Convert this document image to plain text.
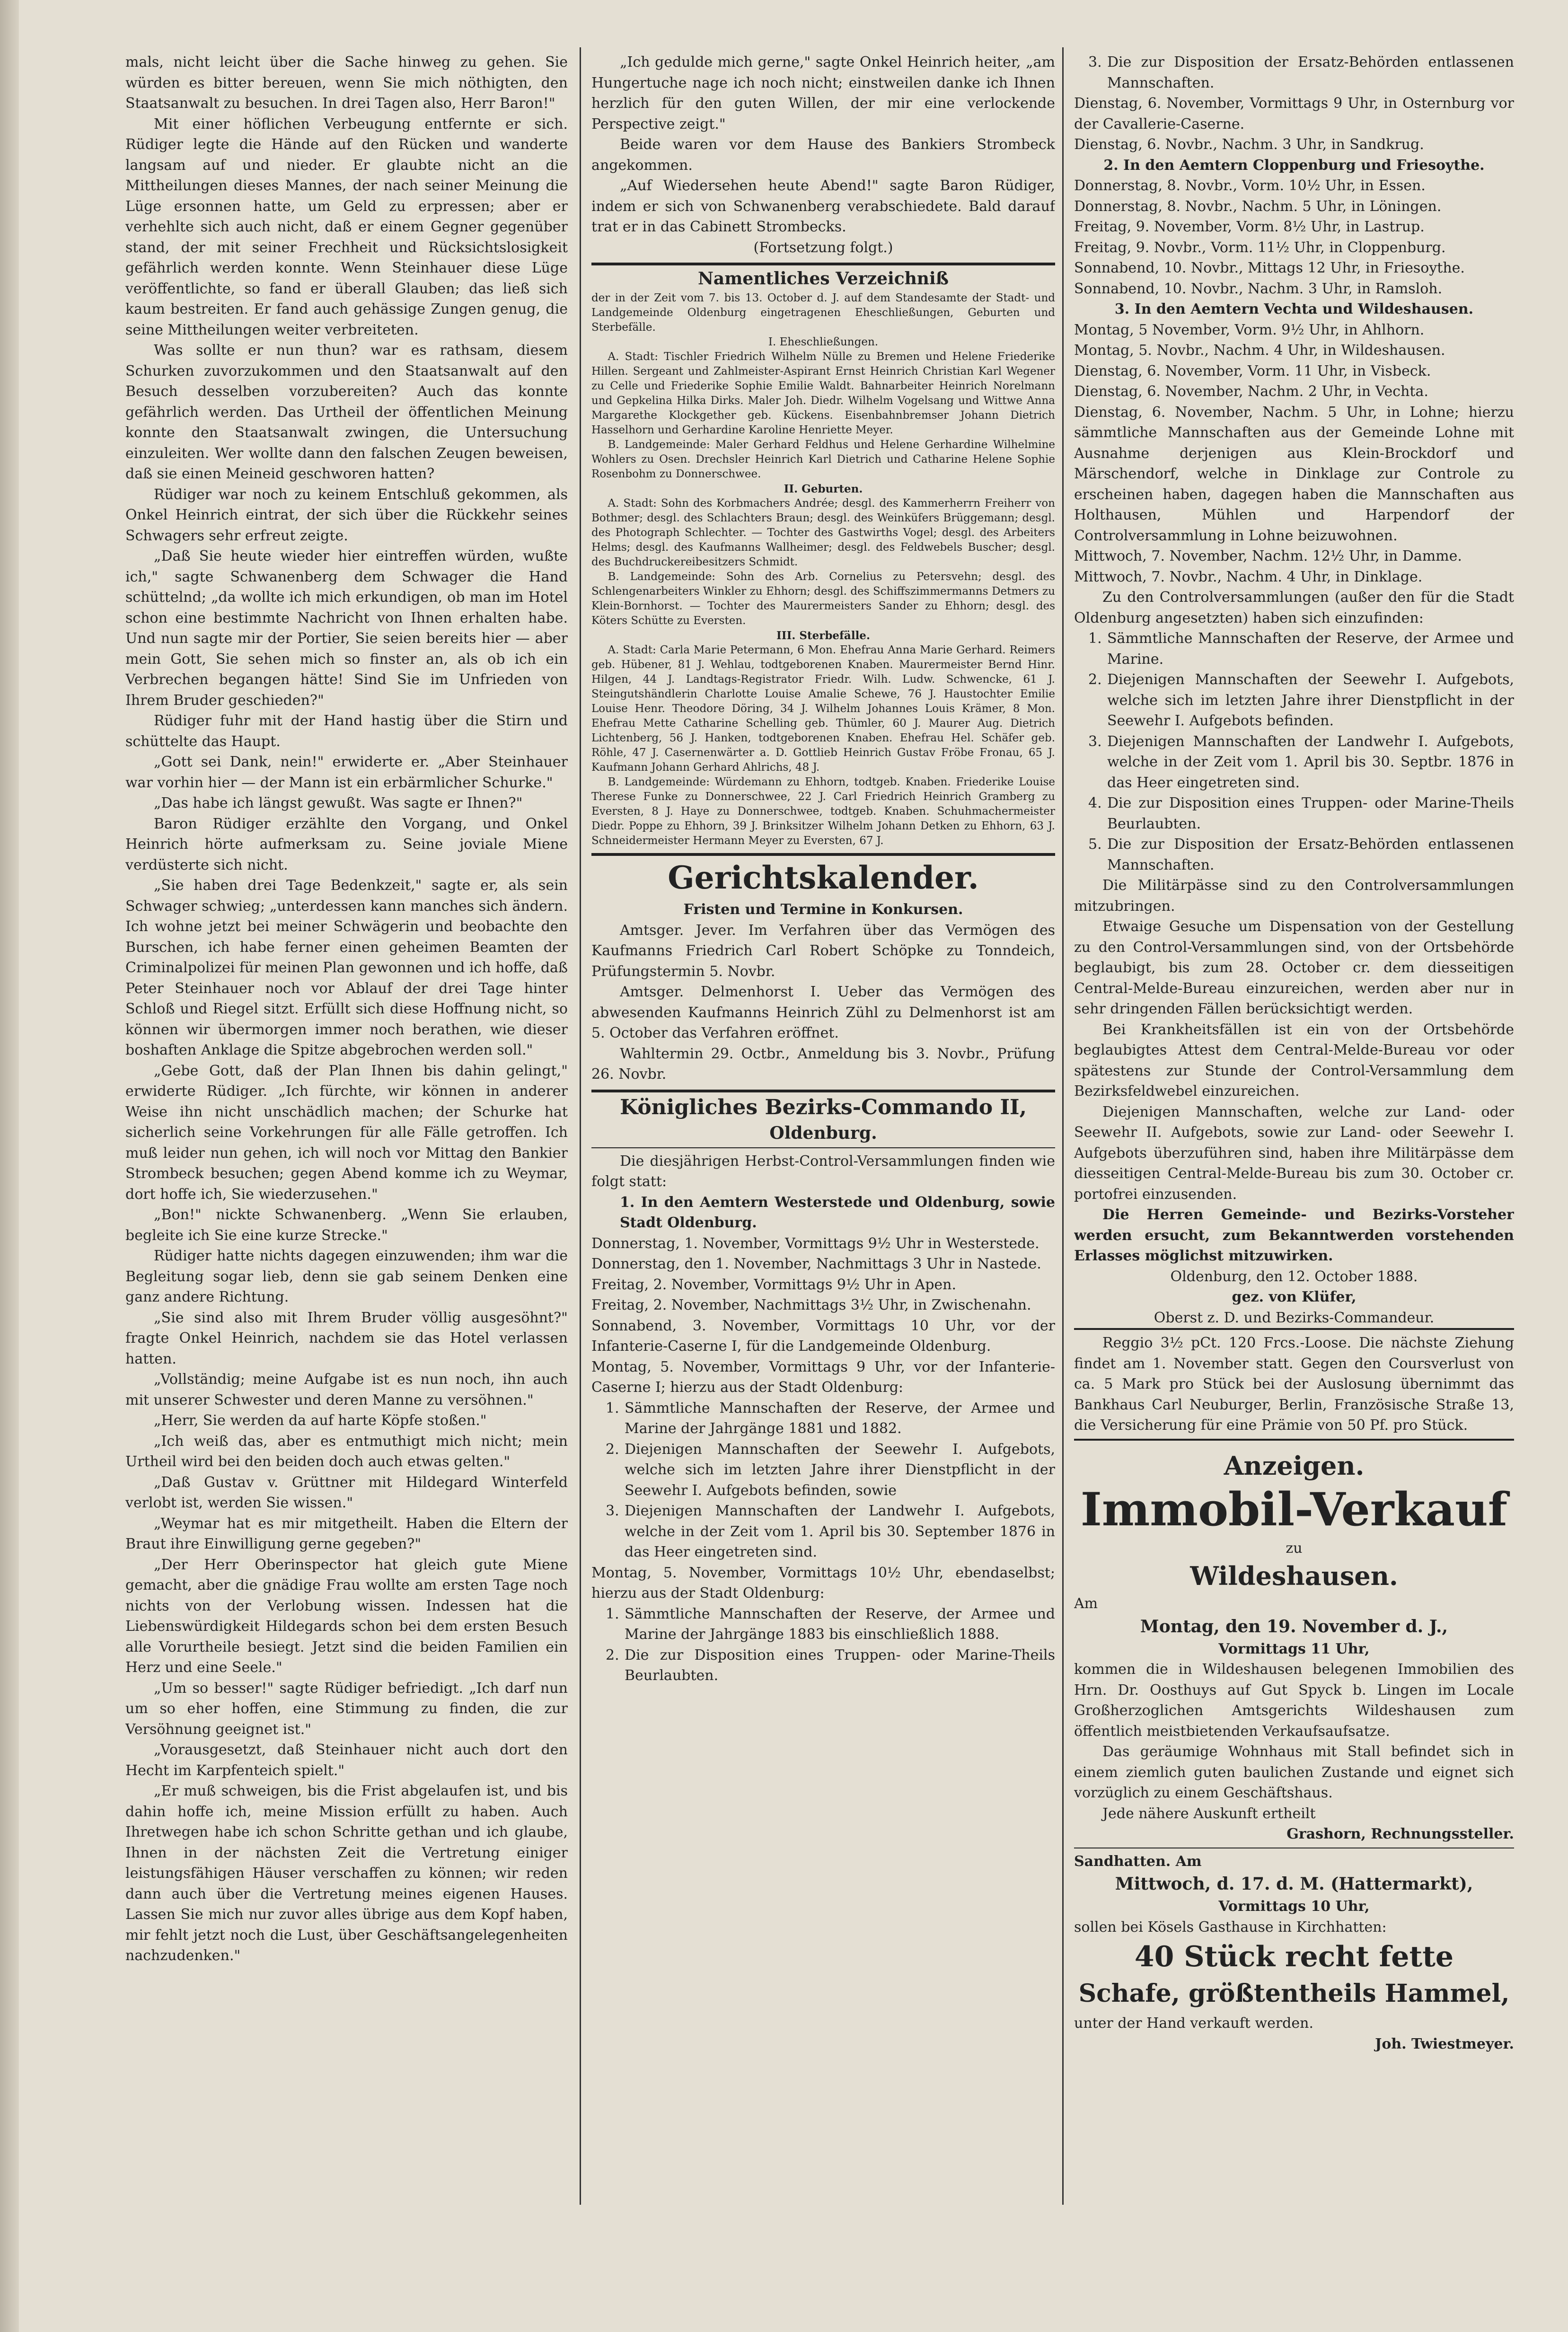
mals, nicht leicht über die Sache hinweg zu gehen. Sie würden es bitter bereuen, wenn Sie mich nöthigten, den Staatsanwalt zu besuchen. In drei Tagen also, Herr Baron!"

Mit einer höflichen Verbeugung entfernte er sich. Rüdiger legte die Hände auf den Rücken und wanderte langsam auf und nieder. Er glaubte nicht an die Mittheilungen dieses Mannes, der nach seiner Meinung die Lüge ersonnen hatte, um Geld zu erpressen; aber er verhehlte sich auch nicht, daß er einem Gegner gegenüber stand, der mit seiner Frechheit und Rücksichtslosigkeit gefährlich werden konnte. Wenn Steinhauer diese Lüge veröffentlichte, so fand er überall Glauben; das ließ sich kaum bestreiten. Er fand auch gehässige Zungen genug, die seine Mittheilungen weiter verbreiteten.

Was sollte er nun thun? war es rathsam, diesem Schurken zuvorzukommen und den Staatsanwalt auf den Besuch desselben vorzubereiten? Auch das konnte gefährlich werden. Das Urtheil der öffentlichen Meinung konnte den Staatsanwalt zwingen, die Untersuchung einzuleiten. Wer wollte dann den falschen Zeugen beweisen, daß sie einen Meineid geschworen hatten?

Rüdiger war noch zu keinem Entschluß gekommen, als Onkel Heinrich eintrat, der sich über die Rückkehr seines Schwagers sehr erfreut zeigte.

„Daß Sie heute wieder hier eintreffen würden, wußte ich," sagte Schwanenberg dem Schwager die Hand schüttelnd; „da wollte ich mich erkundigen, ob man im Hotel schon eine bestimmte Nachricht von Ihnen erhalten habe. Und nun sagte mir der Portier, Sie seien bereits hier — aber mein Gott, Sie sehen mich so finster an, als ob ich ein Verbrechen begangen hätte! Sind Sie im Unfrieden von Ihrem Bruder geschieden?"

Rüdiger fuhr mit der Hand hastig über die Stirn und schüttelte das Haupt.

„Gott sei Dank, nein!" erwiderte er. „Aber Steinhauer war vorhin hier — der Mann ist ein erbärmlicher Schurke."

„Das habe ich längst gewußt. Was sagte er Ihnen?"

Baron Rüdiger erzählte den Vorgang, und Onkel Heinrich hörte aufmerksam zu. Seine joviale Miene verdüsterte sich nicht.

„Sie haben drei Tage Bedenkzeit," sagte er, als sein Schwager schwieg; „unterdessen kann manches sich ändern. Ich wohne jetzt bei meiner Schwägerin und beobachte den Burschen, ich habe ferner einen geheimen Beamten der Criminalpolizei für meinen Plan gewonnen und ich hoffe, daß Peter Steinhauer noch vor Ablauf der drei Tage hinter Schloß und Riegel sitzt. Erfüllt sich diese Hoffnung nicht, so können wir übermorgen immer noch berathen, wie dieser boshaften Anklage die Spitze abgebrochen werden soll."

„Gebe Gott, daß der Plan Ihnen bis dahin gelingt," erwiderte Rüdiger. „Ich fürchte, wir können in anderer Weise ihn nicht unschädlich machen; der Schurke hat sicherlich seine Vorkehrungen für alle Fälle getroffen. Ich muß leider nun gehen, ich will noch vor Mittag den Bankier Strombeck besuchen; gegen Abend komme ich zu Weymar, dort hoffe ich, Sie wiederzusehen."

„Bon!" nickte Schwanenberg. „Wenn Sie erlauben, begleite ich Sie eine kurze Strecke."

Rüdiger hatte nichts dagegen einzuwenden; ihm war die Begleitung sogar lieb, denn sie gab seinem Denken eine ganz andere Richtung.

„Sie sind also mit Ihrem Bruder völlig ausgesöhnt?" fragte Onkel Heinrich, nachdem sie das Hotel verlassen hatten.

„Vollständig; meine Aufgabe ist es nun noch, ihn auch mit unserer Schwester und deren Manne zu versöhnen."

„Herr, Sie werden da auf harte Köpfe stoßen."

„Ich weiß das, aber es entmuthigt mich nicht; mein Urtheil wird bei den beiden doch auch etwas gelten."

„Daß Gustav v. Grüttner mit Hildegard Winterfeld verlobt ist, werden Sie wissen."

„Weymar hat es mir mitgetheilt. Haben die Eltern der Braut ihre Einwilligung gerne gegeben?"

„Der Herr Oberinspector hat gleich gute Miene gemacht, aber die gnädige Frau wollte am ersten Tage noch nichts von der Verlobung wissen. Indessen hat die Liebenswürdigkeit Hildegards schon bei dem ersten Besuch alle Vorurtheile besiegt. Jetzt sind die beiden Familien ein Herz und eine Seele."

„Um so besser!" sagte Rüdiger befriedigt. „Ich darf nun um so eher hoffen, eine Stimmung zu finden, die zur Versöhnung geeignet ist."

„Vorausgesetzt, daß Steinhauer nicht auch dort den Hecht im Karpfenteich spielt."

„Er muß schweigen, bis die Frist abgelaufen ist, und bis dahin hoffe ich, meine Mission erfüllt zu haben. Auch Ihretwegen habe ich schon Schritte gethan und ich glaube, Ihnen in der nächsten Zeit die Vertretung einiger leistungsfähigen Häuser verschaffen zu können; wir reden dann auch über die Vertretung meines eigenen Hauses. Lassen Sie mich nur zuvor alles übrige aus dem Kopf haben, mir fehlt jetzt noch die Lust, über Geschäftsangelegenheiten nachzudenken."

„Ich geduldе mich gerne," sagte Onkel Heinrich heiter, „am Hungertuche nage ich noch nicht; einstweilen danke ich Ihnen herzlich für den guten Willen, der mir eine verlockende Perspective zeigt."

Beide waren vor dem Hause des Bankiers Strombeck angekommen.

„Auf Wiedersehen heute Abend!" sagte Baron Rüdiger, indem er sich von Schwanenberg verabschiedete. Bald darauf trat er in das Cabinett Strombecks.

(Fortsetzung folgt.)

Namentliches Verzeichniß

der in der Zeit vom 7. bis 13. October d. J. auf dem Standesamte der Stadt- und Landgemeinde Oldenburg eingetragenen Eheschließungen, Geburten und Sterbefälle.

I. Eheschließungen.

A. Stadt: Tischler Friedrich Wilhelm Nülle zu Bremen und Helene Friederike Hillen. Sergeant und Zahlmeister-Aspirant Ernst Heinrich Christian Karl Wegener zu Celle und Friederike Sophie Emilie Waldt. Bahnarbeiter Heinrich Norelmann und Gepkelina Hilka Dirks. Maler Joh. Diedr. Wilhelm Vogelsang und Wittwe Anna Margarethe Klockgether geb. Kückens. Eisenbahnbremser Johann Dietrich Hasselhorn und Gerhardine Karoline Henriette Meyer.

B. Landgemeinde: Maler Gerhard Feldhus und Helene Gerhardine Wilhelmine Wohlers zu Osen. Drechsler Heinrich Karl Dietrich und Catharine Helene Sophie Rosenbohm zu Donnerschwee.

II. Geburten.

A. Stadt: Sohn des Korbmachers Andrée; desgl. des Kammerherrn Freiherr von Bothmer; desgl. des Schlachters Braun; desgl. des Weinküfers Brüggemann; desgl. des Photograph Schlechter. — Tochter des Gastwirths Vogel; desgl. des Arbeiters Helms; desgl. des Kaufmanns Wallheimer; desgl. des Feldwebels Buscher; desgl. des Buchdruckereibesitzers Schmidt.

B. Landgemeinde: Sohn des Arb. Cornelius zu Petersvehn; desgl. des Schlengenarbeiters Winkler zu Ehhorn; desgl. des Schiffszimmermanns Detmers zu Klein-Bornhorst. — Tochter des Maurermeisters Sander zu Ehhorn; desgl. des Köters Schütte zu Eversten.

III. Sterbefälle.

A. Stadt: Carla Marie Petermann, 6 Mon. Ehefrau Anna Marie Gerhard. Reimers geb. Hübener, 81 J. Wehlau, todtgeborenen Knaben. Maurermeister Bernd Hinr. Hilgen, 44 J. Landtags-Registrator Friedr. Wilh. Ludw. Schwencke, 61 J. Steingutshändlerin Charlotte Louise Amalie Schewe, 76 J. Haustochter Emilie Louise Henr. Theodore Döring, 34 J. Wilhelm Johannes Louis Krämer, 8 Mon. Ehefrau Mette Catharine Schelling geb. Thümler, 60 J. Maurer Aug. Dietrich Lichtenberg, 56 J. Hanken, todtgeborenen Knaben. Ehefrau Hel. Schäfer geb. Röhle, 47 J. Casernenwärter a. D. Gottlieb Heinrich Gustav Fröbe Fronau, 65 J. Kaufmann Johann Gerhard Ahlrichs, 48 J.

B. Landgemeinde: Würdemann zu Ehhorn, todtgeb. Knaben. Friederike Louise Therese Funke zu Donnerschwee, 22 J. Carl Friedrich Heinrich Gramberg zu Eversten, 8 J. Haye zu Donnerschwee, todtgeb. Knaben. Schuhmachermeister Diedr. Poppe zu Ehhorn, 39 J. Brinksitzer Wilhelm Johann Detken zu Ehhorn, 63 J. Schneidermeister Hermann Meyer zu Eversten, 67 J.

Gerichtskalender.

Fristen und Termine in Konkursen.

Amtsger. Jever. Im Verfahren über das Vermögen des Kaufmanns Friedrich Carl Robert Schöpke zu Tonndeich, Prüfungstermin 5. Novbr.

Amtsger. Delmenhorst I. Ueber das Vermögen des abwesenden Kaufmanns Heinrich Zühl zu Delmenhorst ist am 5. October das Verfahren eröffnet.

Wahltermin 29. Octbr., Anmeldung bis 3. Novbr., Prüfung 26. Novbr.

Königliches Bezirks-Commando II,
Oldenburg.

Die diesjährigen Herbst-Control-Versammlungen finden wie folgt statt:

1. In den Aemtern Westerstede und Oldenburg, sowie Stadt Oldenburg.

Donnerstag, 1. November, Vormittags 9½ Uhr in Westerstede.

Donnerstag, den 1. November, Nachmittags 3 Uhr in Nastede.

Freitag, 2. November, Vormittags 9½ Uhr in Apen.

Freitag, 2. November, Nachmittags 3½ Uhr, in Zwischenahn.

Sonnabend, 3. November, Vormittags 10 Uhr, vor der Infanterie-Caserne I, für die Landgemeinde Oldenburg.

Montag, 5. November, Vormittags 9 Uhr, vor der Infanterie-Caserne I; hierzu aus der Stadt Oldenburg:

1. Sämmtliche Mannschaften der Reserve, der Armee und Marine der Jahrgänge 1881 und 1882.
2. Diejenigen Mannschaften der Seewehr I. Aufgebots, welche sich im letzten Jahre ihrer Dienstpflicht in der Seewehr I. Aufgebots befinden, sowie
3. Diejenigen Mannschaften der Landwehr I. Aufgebots, welche in der Zeit vom 1. April bis 30. September 1876 in das Heer eingetreten sind.

Montag, 5. November, Vormittags 10½ Uhr, ebendaselbst; hierzu aus der Stadt Oldenburg:

1. Sämmtliche Mannschaften der Reserve, der Armee und Marine der Jahrgänge 1883 bis einschließlich 1888.
2. Die zur Disposition eines Truppen- oder Marine-Theils Beurlaubten.
3. Die zur Disposition der Ersatz-Behörden entlassenen Mannschaften.

Dienstag, 6. November, Vormittags 9 Uhr, in Osternburg vor der Cavallerie-Caserne.

Dienstag, 6. Novbr., Nachm. 3 Uhr, in Sandkrug.

2. In den Aemtern Cloppenburg und Friesoythe.

Donnerstag, 8. Novbr., Vorm. 10½ Uhr, in Essen.

Donnerstag, 8. Novbr., Nachm. 5 Uhr, in Löningen.

Freitag, 9. November, Vorm. 8½ Uhr, in Lastrup.

Freitag, 9. Novbr., Vorm. 11½ Uhr, in Cloppenburg.

Sonnabend, 10. Novbr., Mittags 12 Uhr, in Friesoythe.

Sonnabend, 10. Novbr., Nachm. 3 Uhr, in Ramsloh.

3. In den Aemtern Vechta und Wildeshausen.

Montag, 5 November, Vorm. 9½ Uhr, in Ahlhorn.

Montag, 5. Novbr., Nachm. 4 Uhr, in Wildeshausen.

Dienstag, 6. November, Vorm. 11 Uhr, in Visbeck.

Dienstag, 6. November, Nachm. 2 Uhr, in Vechta.

Dienstag, 6. November, Nachm. 5 Uhr, in Lohne; hierzu sämmtliche Mannschaften aus der Gemeinde Lohne mit Ausnahme derjenigen aus Klein-Brockdorf und Märschendorf, welche in Dinklage zur Controle zu erscheinen haben, dagegen haben die Mannschaften aus Holthausen, Mühlen und Harpendorf der Controlversammlung in Lohne beizuwohnen.

Mittwoch, 7. November, Nachm. 12½ Uhr, in Damme.

Mittwoch, 7. Novbr., Nachm. 4 Uhr, in Dinklage.

Zu den Controlversammlungen (außer den für die Stadt Oldenburg angesetzten) haben sich einzufinden:

1. Sämmtliche Mannschaften der Reserve, der Armee und Marine.
2. Diejenigen Mannschaften der Seewehr I. Aufgebots, welche sich im letzten Jahre ihrer Dienstpflicht in der Seewehr I. Aufgebots befinden.
3. Diejenigen Mannschaften der Landwehr I. Aufgebots, welche in der Zeit vom 1. April bis 30. Septbr. 1876 in das Heer eingetreten sind.
4. Die zur Disposition eines Truppen- oder Marine-Theils Beurlaubten.
5. Die zur Disposition der Ersatz-Behörden entlassenen Mannschaften.

Die Militärpässe sind zu den Controlversammlungen mitzubringen.

Etwaige Gesuche um Dispensation von der Gestellung zu den Control-Versammlungen sind, von der Ortsbehörde beglaubigt, bis zum 28. October cr. dem diesseitigen Central-Melde-Bureau einzureichen, werden aber nur in sehr dringenden Fällen berücksichtigt werden.

Bei Krankheitsfällen ist ein von der Ortsbehörde beglaubigtes Attest dem Central-Melde-Bureau vor oder spätestens zur Stunde der Control-Versammlung dem Bezirksfeldwebel einzureichen.

Diejenigen Mannschaften, welche zur Land- oder Seewehr II. Aufgebots, sowie zur Land- oder Seewehr I. Aufgebots überzuführen sind, haben ihre Militärpässe dem diesseitigen Central-Melde-Bureau bis zum 30. October cr. portofrei einzusenden.

Die Herren Gemeinde- und Bezirks-Vorsteher werden ersucht, zum Bekanntwerden vorstehenden Erlasses möglichst mitzuwirken.

Oldenburg, den 12. October 1888.

gez. von Klüfer,

Oberst z. D. und Bezirks-Commandeur.

Reggio 3½ pCt. 120 Frcs.-Loose. Die nächste Ziehung findet am 1. November statt. Gegen den Coursverlust von ca. 5 Mark pro Stück bei der Auslosung übernimmt das Bankhaus Carl Neuburger, Berlin, Französische Straße 13, die Versicherung für eine Prämie von 50 Pf. pro Stück.

Anzeigen.
Immobil-Verkauf

zu

Wildeshausen.

Am

Montag, den 19. November d. J.,

Vormittags 11 Uhr,

kommen die in Wildeshausen belegenen Immobilien des Hrn. Dr. Oosthuys auf Gut Spyck b. Lingen im Locale Großherzoglichen Amtsgerichts Wildeshausen zum öffentlich meistbietenden Verkaufsaufsatze.

Das geräumige Wohnhaus mit Stall befindet sich in einem ziemlich guten baulichen Zustande und eignet sich vorzüglich zu einem Geschäftshaus.

Jede nähere Auskunft ertheilt

Grashorn, Rechnungssteller.

Sandhatten. Am

Mittwoch, d. 17. d. M. (Hattermarkt),

Vormittags 10 Uhr,

sollen bei Kösels Gasthause in Kirchhatten:

40 Stück recht fette
Schafe, größtentheils Hammel,

unter der Hand verkauft werden.

Joh. Twiestmeyer.
